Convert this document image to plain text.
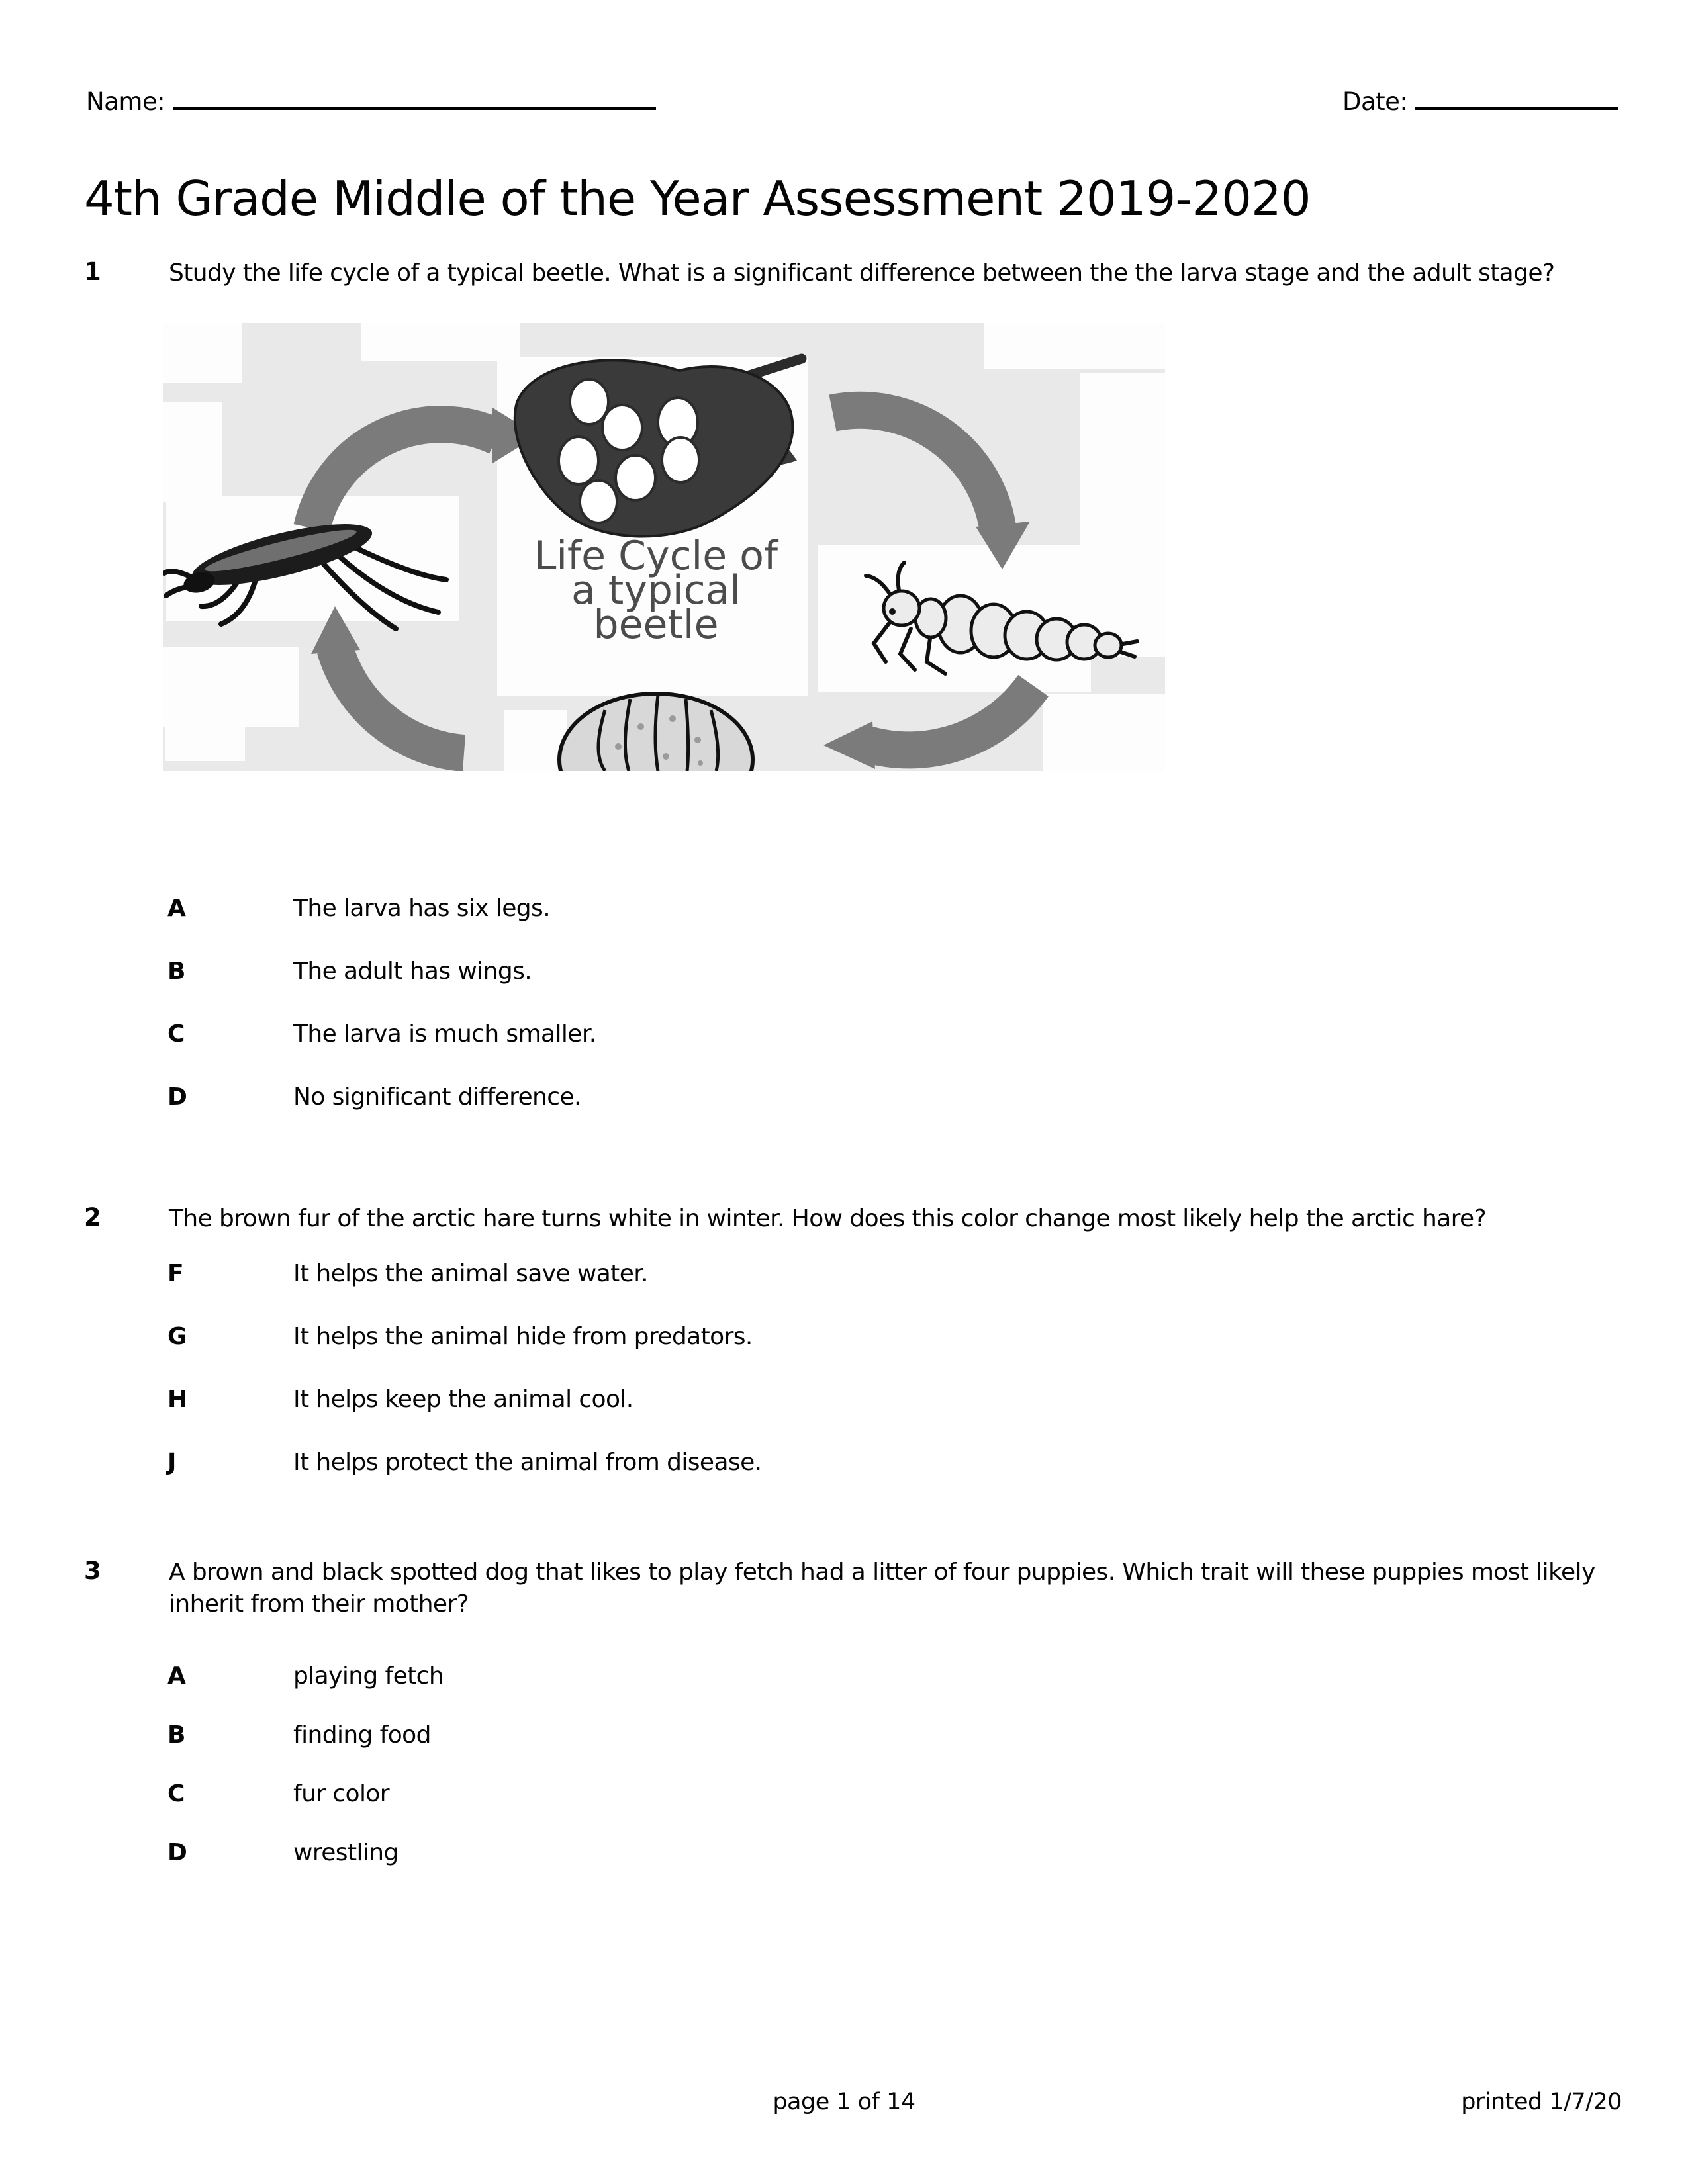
Name:	Date:
4th Grade Middle of the Year Assessment 2019-2020
1	Study the life cycle of a typical beetle. What is a significant difference between the the larva stage and the adult stage?
Life Cycle of
a typical
beetle
A	The larva has six legs.
B	The adult has wings.
C	The larva is much smaller.
D	No significant difference.
2	The brown fur of the arctic hare turns white in winter. How does this color change most likely help the arctic hare?
F	It helps the animal save water.
G	It helps the animal hide from predators.
H	It helps keep the animal cool.
J	It helps protect the animal from disease.
3	A brown and black spotted dog that likes to play fetch had a litter of four puppies. Which trait will these puppies most likely inherit from their mother?
A	playing fetch
B	finding food
C	fur color
D	wrestling
page 1 of 14	printed 1/7/20
